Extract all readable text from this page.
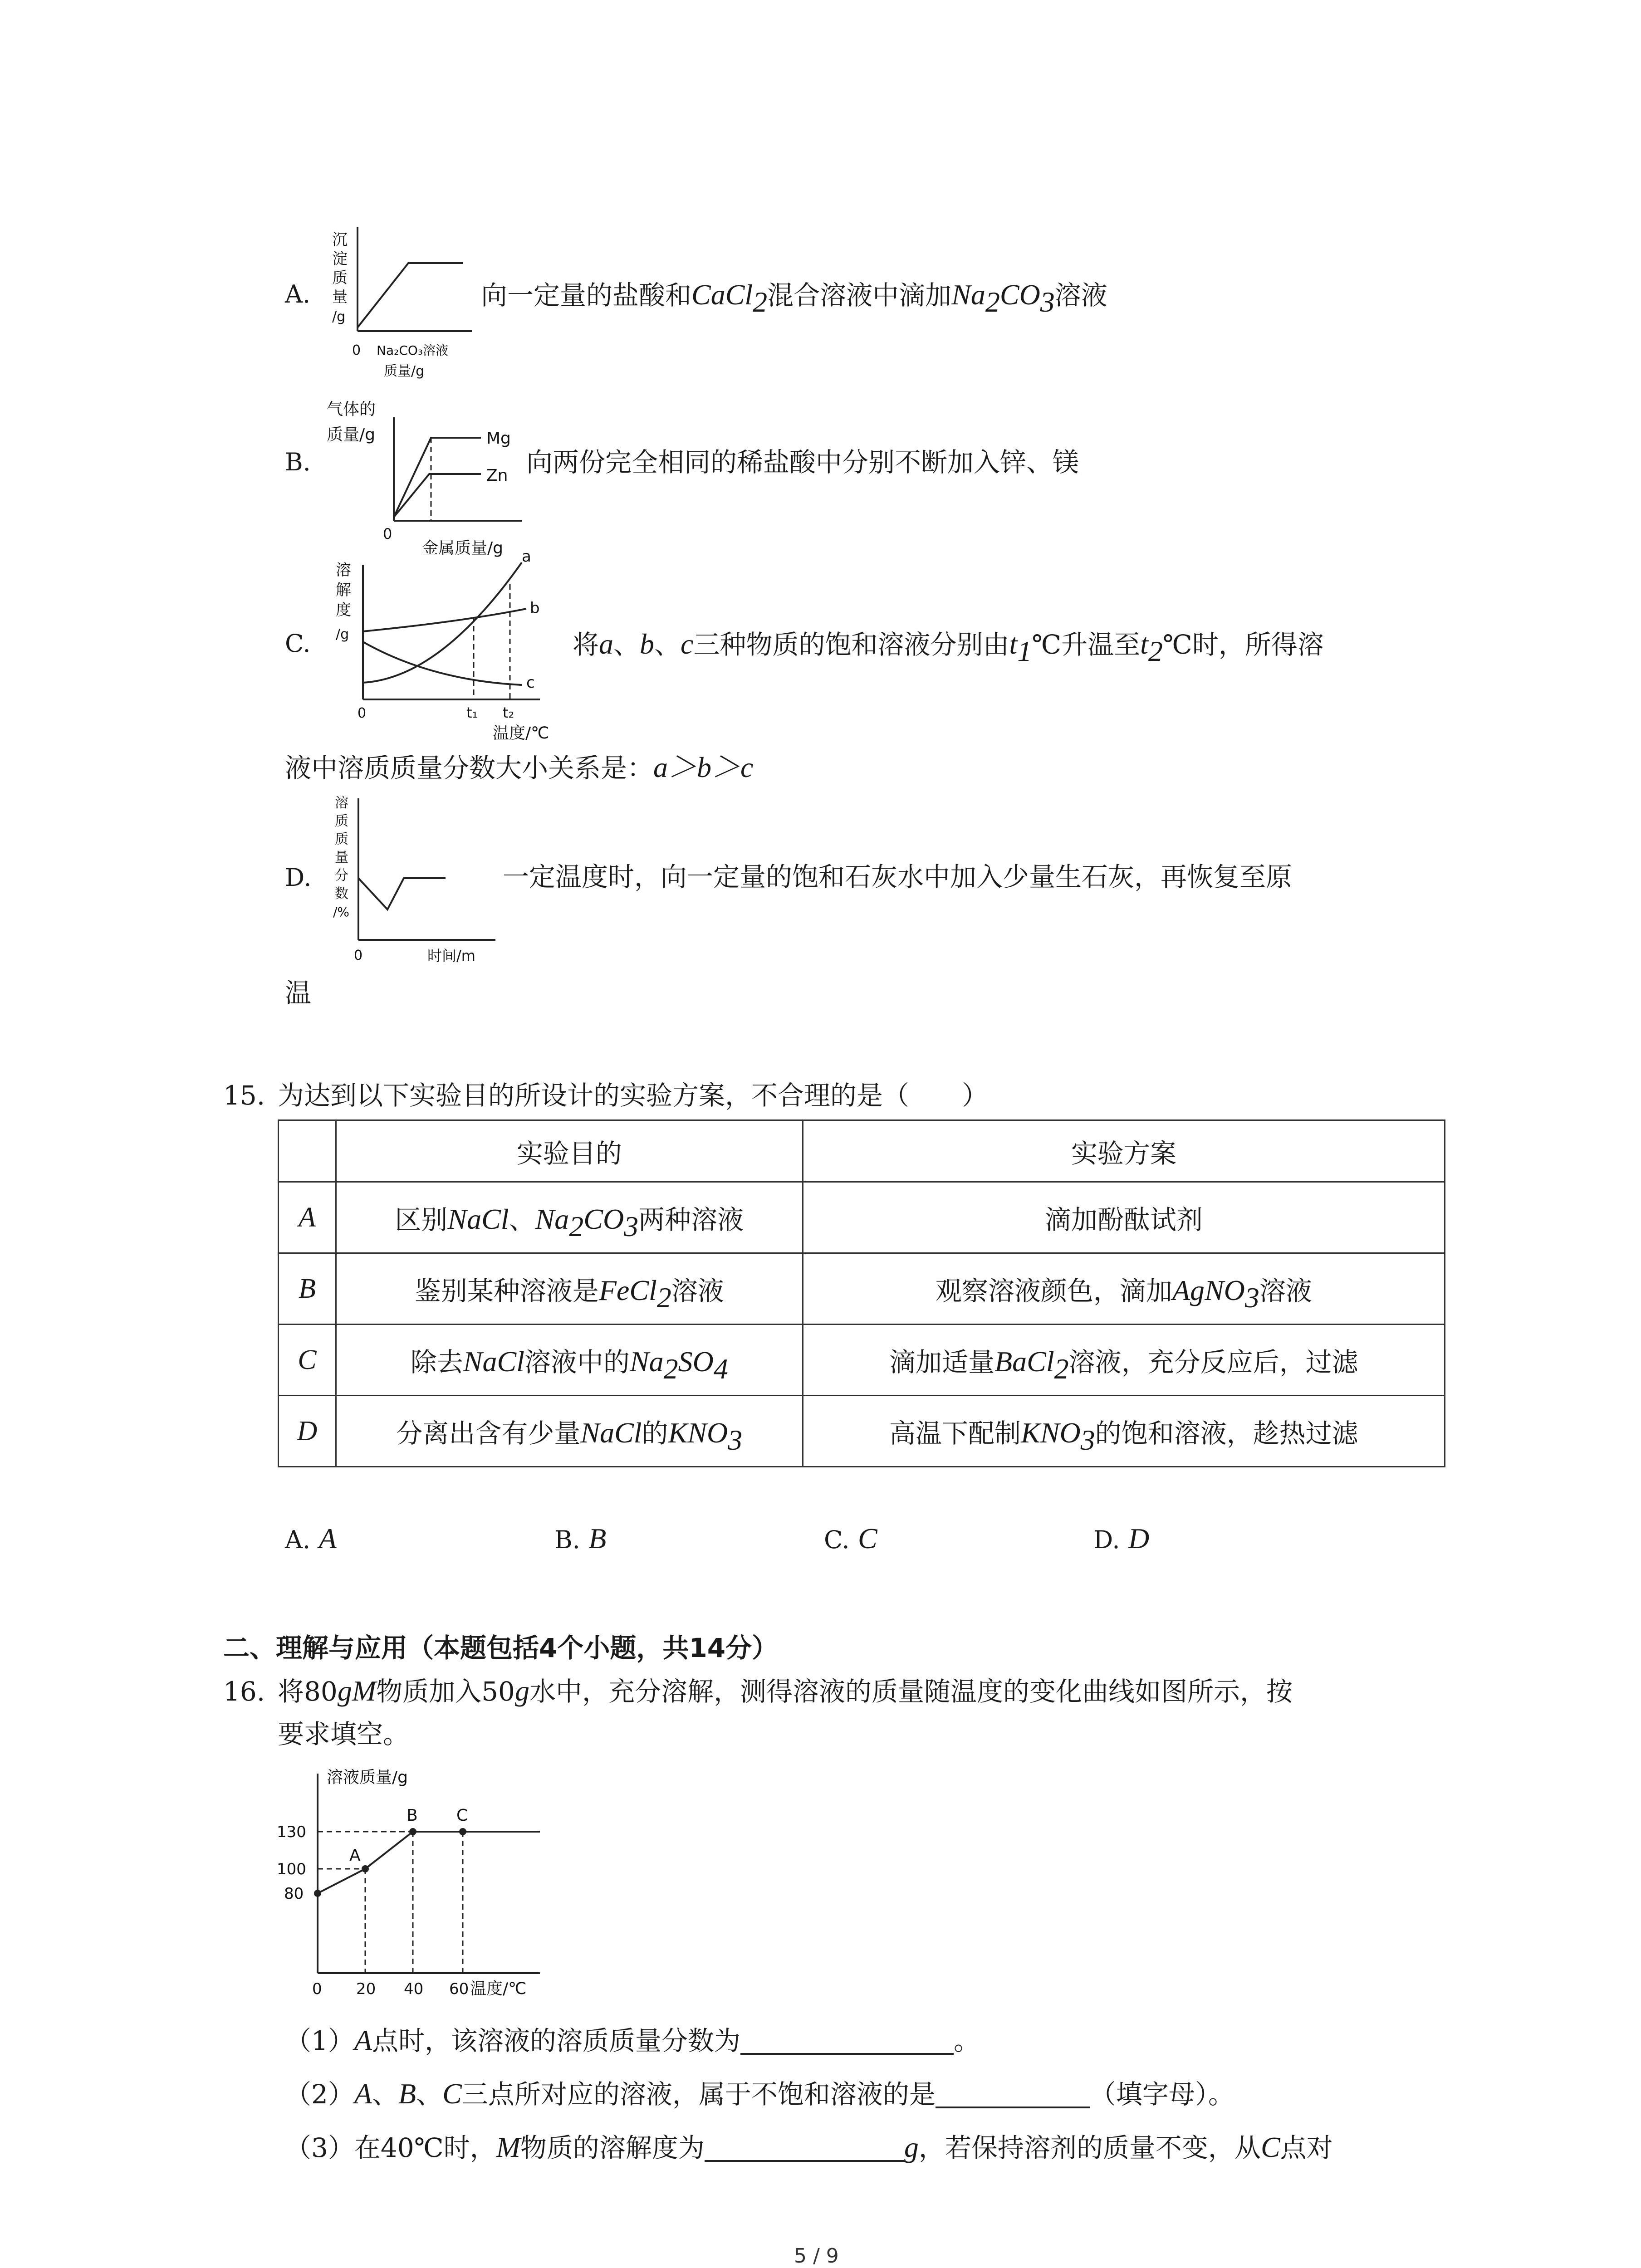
A.
沉
淀
质
量
/g
0 Na₂CO₃溶液
质量/g
向一定量的盐酸和CaCl$_2$混合溶液中滴加$Na_2CO_3$溶液
B.
气体的
质量/g	Mg
Zn
0
金属质量/g
向两份完全相同的稀盐酸中分别不断加入锌、镁
C.
溶
解
度
/g
a
b
c
0	t₁ t₂
温度/℃
将a、b、c三种物质的饱和溶液分别由$t_1℃$升温至$t_2℃$时，所得溶
液中溶质质量分数大小关系是：a＞b＞c
D.
溶
质
质
量
分
数
/%
0	时间/m
一定温度时，向一定量的饱和石灰水中加入少量生石灰，再恢复至原
温
15. 为达到以下实验目的所设计的实验方案，不合理的是（　　）
	实验目的	实验方案
A	区别NaCl、$Na_2CO_3$两种溶液	滴加酚酞试剂
B	鉴别某种溶液是FeCl$_2$溶液	观察溶液颜色，滴加AgNO$_3$溶液
C	除去NaCl溶液中的$Na_2SO_4$	滴加适量BaCl$_2$溶液，充分反应后，过滤
D	分离出含有少量NaCl的$KNO_3$	高温下配制$KNO_3$的饱和溶液，趁热过滤
A. A	B. B	C. C	D. D
二、理解与应用（本题包括4个小题，共14分）
16. 将80gM物质加入50g水中，充分溶解，测得溶液的质量随温度的变化曲线如图所示，按
要求填空。
溶液质量/g
A
B C
130
100
80
0 20 40 60 温度/℃
（1）A点时，该溶液的溶质质量分数为	。
（2）A、B、C三点所对应的溶液，属于不饱和溶液的是	（填字母）。
（3）在40℃时，M物质的溶解度为	g，若保持溶剂的质量不变，从C点对
5 / 9
